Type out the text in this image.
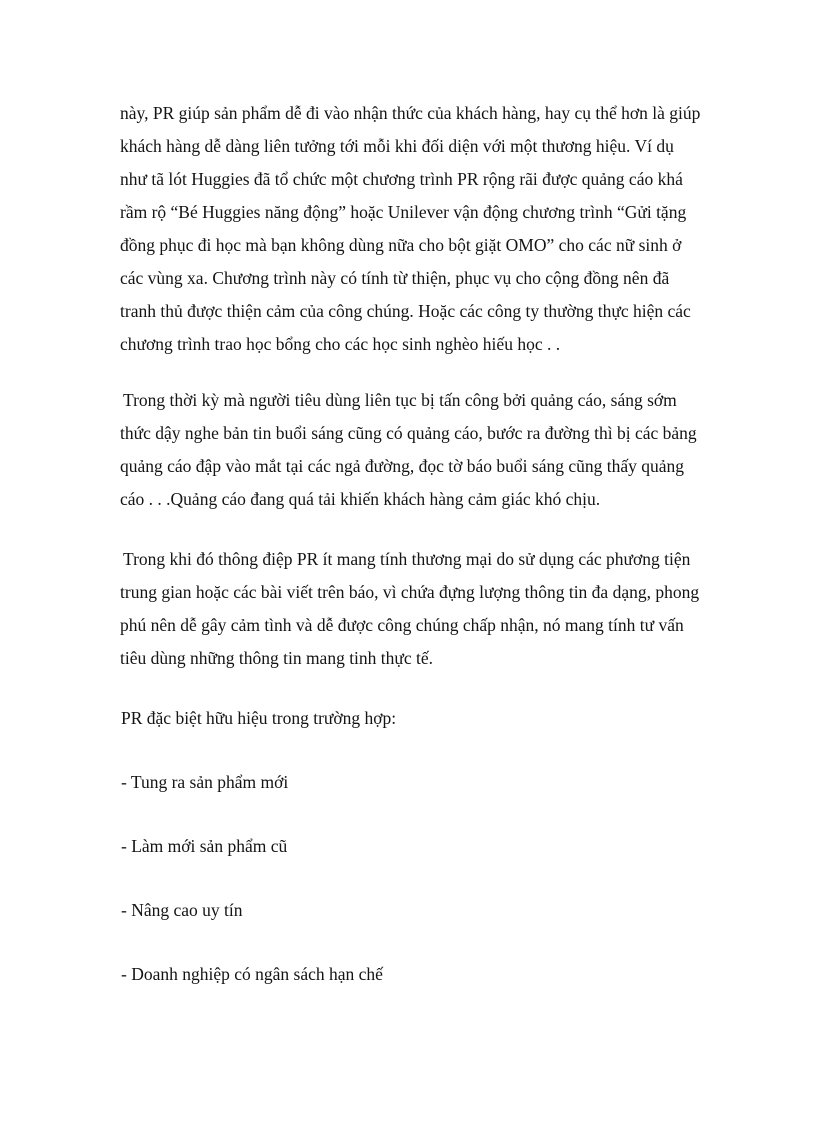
này, PR giúp sản phẩm dễ đi vào nhận thức của khách hàng, hay cụ thể hơn là giúp
khách hàng dễ dàng liên tưởng tới mỗi khi đối diện với một thương hiệu. Ví dụ
như tã lót Huggies đã tổ chức một chương trình PR rộng rãi được quảng cáo khá
rầm rộ “Bé Huggies năng động” hoặc Unilever vận động chương trình “Gửi tặng
đồng phục đi học mà bạn không dùng nữa cho bột giặt OMO” cho các nữ sinh ở
các vùng xa. Chương trình này có tính từ thiện, phục vụ cho cộng đồng nên đã
tranh thủ được thiện cảm của công chúng. Hoặc các công ty thường thực hiện các
chương trình trao học bổng cho các học sinh nghèo hiếu học . .
Trong thời kỳ mà người tiêu dùng liên tục bị tấn công bởi quảng cáo, sáng sớm
thức dậy nghe bản tin buổi sáng cũng có quảng cáo, bước ra đường thì bị các bảng
quảng cáo đập vào mắt tại các ngả đường, đọc tờ báo buổi sáng cũng thấy quảng
cáo . . .Quảng cáo đang quá tải khiến khách hàng cảm giác khó chịu.
Trong khi đó thông điệp PR ít mang tính thương mại do sử dụng các phương tiện
trung gian hoặc các bài viết trên báo, vì chứa đựng lượng thông tin đa dạng, phong
phú nên dễ gây cảm tình và dễ được công chúng chấp nhận, nó mang tính tư vấn
tiêu dùng những thông tin mang tinh thực tế.
PR đặc biệt hữu hiệu trong trường hợp:
- Tung ra sản phẩm mới
- Làm mới sản phẩm cũ
- Nâng cao uy tín
- Doanh nghiệp có ngân sách hạn chế
